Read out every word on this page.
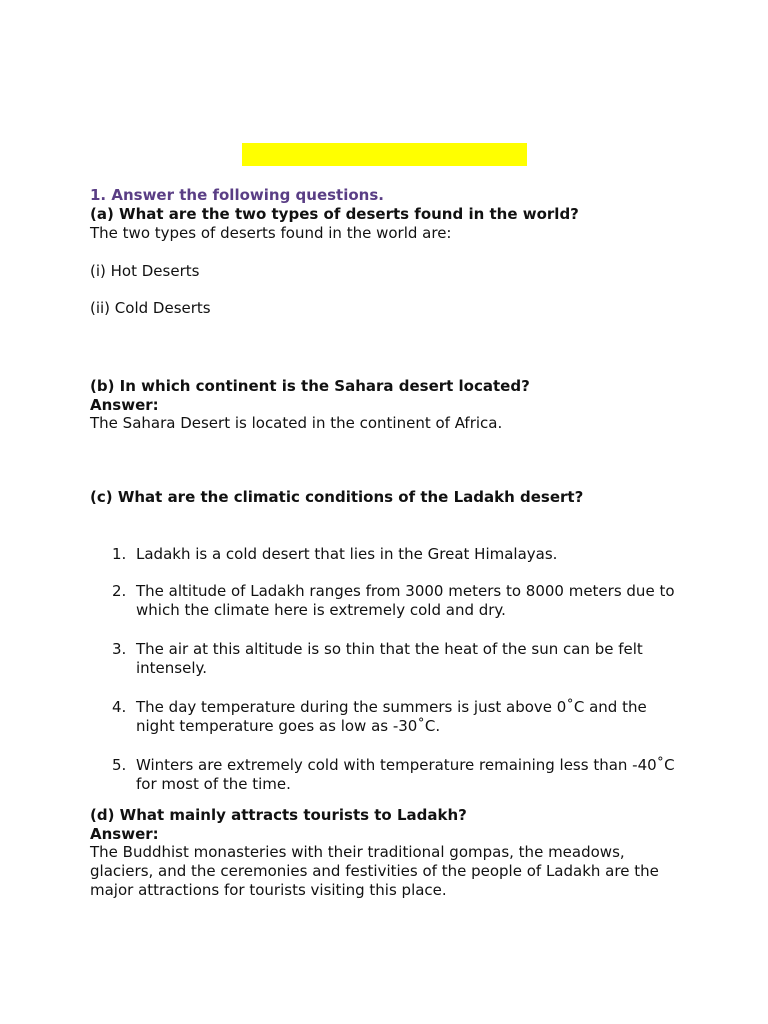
1. Answer the following questions.

(a) What are the two types of deserts found in the world?

The two types of deserts found in the world are:

(i) Hot Deserts

(ii) Cold Deserts

(b) In which continent is the Sahara desert located?

Answer:

The Sahara Desert is located in the continent of Africa.

(c) What are the climatic conditions of the Ladakh desert?

1. Ladakh is a cold desert that lies in the Great Himalayas.
2. The altitude of Ladakh ranges from 3000 meters to 8000 meters due to which the climate here is extremely cold and dry.
3. The air at this altitude is so thin that the heat of the sun can be felt intensely.
4. The day temperature during the summers is just above 0˚C and the night temperature goes as low as -30˚C.
5. Winters are extremely cold with temperature remaining less than -40˚C for most of the time.

(d) What mainly attracts tourists to Ladakh?

Answer:

The Buddhist monasteries with their traditional gompas, the meadows, glaciers, and the ceremonies and festivities of the people of Ladakh are the major attractions for tourists visiting this place.
